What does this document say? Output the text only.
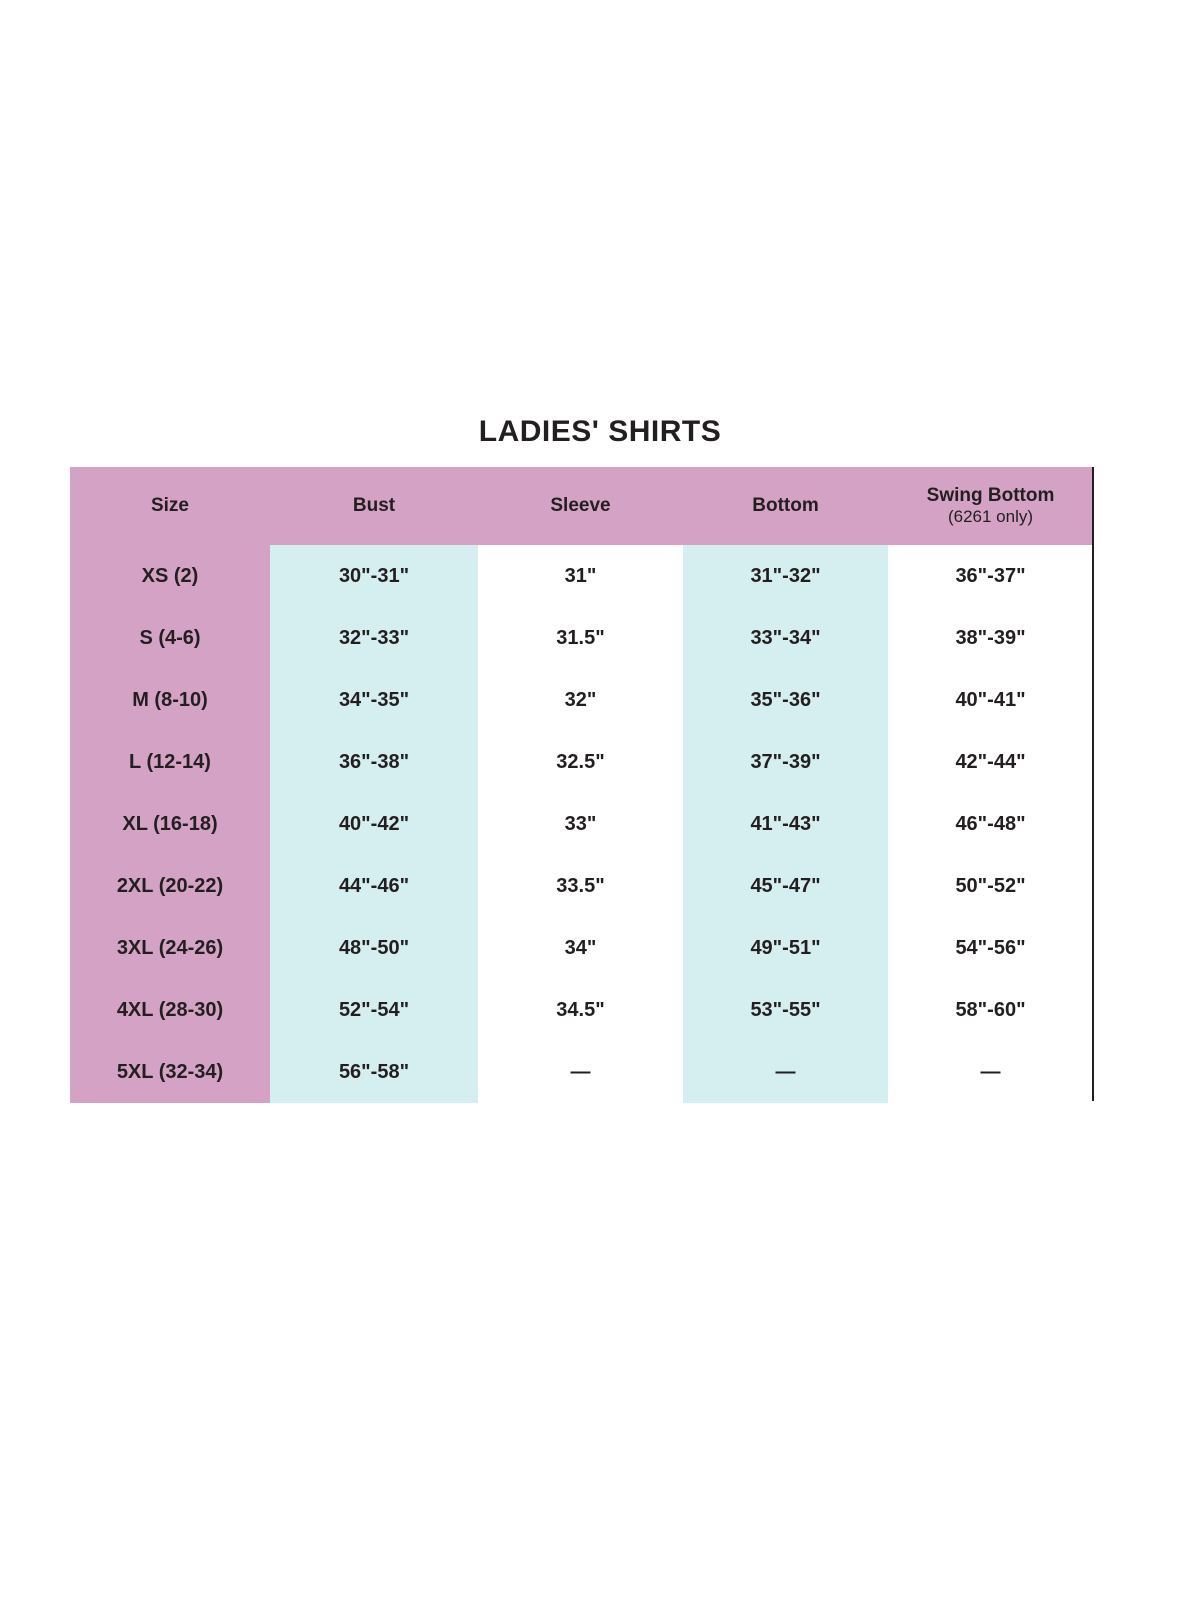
LADIES' SHIRTS
Size	Bust	Sleeve	Bottom	Swing Bottom
(6261 only)

XS (2)	30"-31"	31"	31"-32"	36"-37"
S (4-6)	32"-33"	31.5"	33"-34"	38"-39"
M (8-10)	34"-35"	32"	35"-36"	40"-41"
L (12-14)	36"-38"	32.5"	37"-39"	42"-44"
XL (16-18)	40"-42"	33"	41"-43"	46"-48"
2XL (20-22)	44"-46"	33.5"	45"-47"	50"-52"
3XL (24-26)	48"-50"	34"	49"-51"	54"-56"
4XL (28-30)	52"-54"	34.5"	53"-55"	58"-60"
5XL (32-34)	56"-58"	—	—	—
